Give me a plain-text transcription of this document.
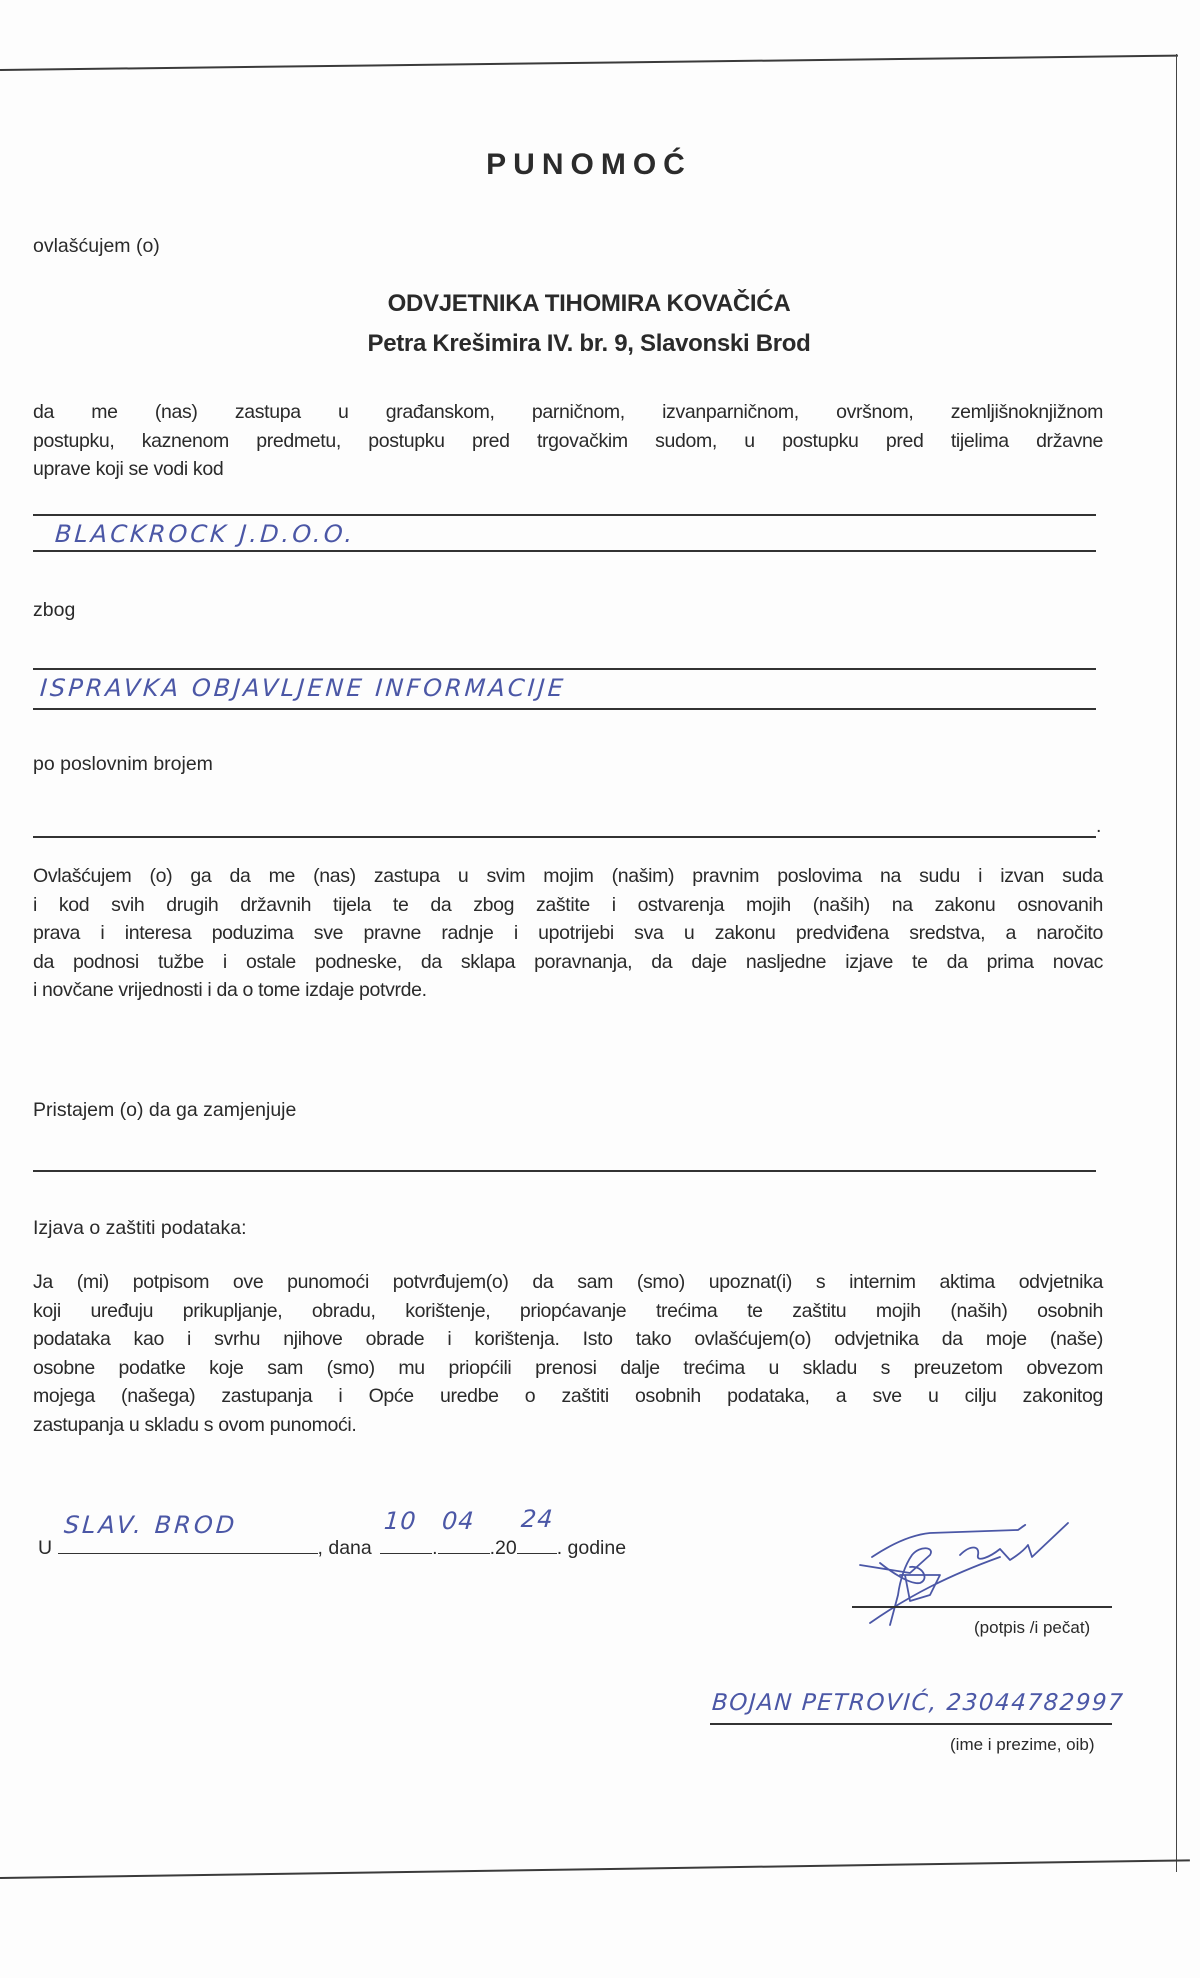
PUNOMOĆ
ovlašćujem (o)
ODVJETNIKA TIHOMIRA KOVAČIĆA
Petra Krešimira IV. br. 9, Slavonski Brod
da me (nas) zastupa u građanskom, parničnom, izvanparničnom, ovršnom, zemljišnoknjižnom
postupku, kaznenom predmetu, postupku pred trgovačkim sudom, u postupku pred tijelima državne
uprave koji se vodi kod
BLACKROCK J.D.O.O.
zbog
ISPRAVKA OBJAVLJENE INFORMACIJE
po poslovnim brojem
.
Ovlašćujem (o) ga da me (nas) zastupa u svim mojim (našim) pravnim poslovima na sudu i izvan suda
i kod svih drugih državnih tijela te da zbog zaštite i ostvarenja mojih (naših) na zakonu osnovanih
prava i interesa poduzima sve pravne radnje i upotrijebi sva u zakonu predviđena sredstva, a naročito
da podnosi tužbe i ostale podneske, da sklapa poravnanja, da daje nasljedne izjave te da prima novac
i novčane vrijednosti i da o tome izdaje potvrde.
Pristajem (o) da ga zamjenjuje
Izjava o zaštiti podataka:
Ja (mi) potpisom ove punomoći potvrđujem(o) da sam (smo) upoznat(i) s internim aktima odvjetnika
koji uređuju prikupljanje, obradu, korištenje, priopćavanje trećima te zaštitu mojih (naših) osobnih
podataka kao i svrhu njihove obrade i korištenja. Isto tako ovlašćujem(o) odvjetnika da moje (naše)
osobne podatke koje sam (smo) mu priopćili prenosi dalje trećima u skladu s preuzetom obvezom
mojega (našega) zastupanja i Opće uredbe o zaštiti osobnih podataka, a sve u cilju zakonitog
zastupanja u skladu s ovom punomoći.
U
SLAV. BROD
, dana
10
.
04
.20
24
. godine
(potpis /i pečat)
BOJAN PETROVIĆ, 23044782997
(ime i prezime, oib)
